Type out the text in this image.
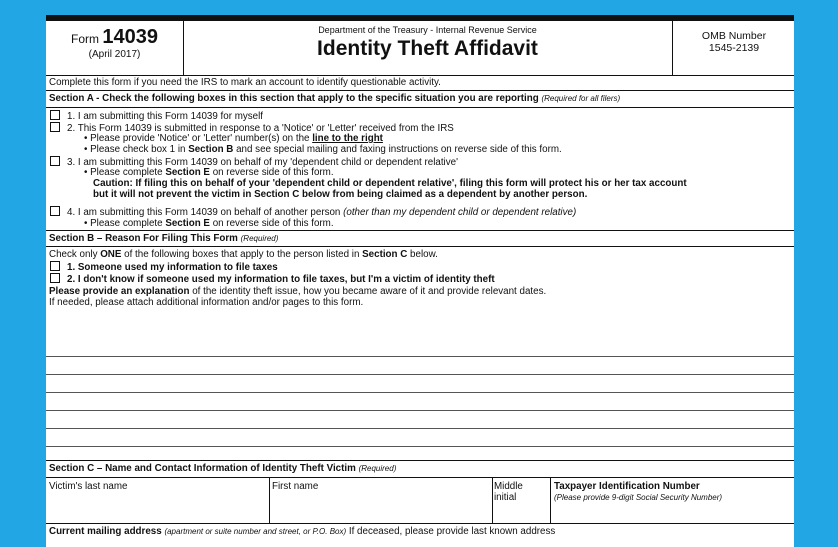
Form 14039
(April 2017)
Department of the Treasury - Internal Revenue Service
Identity Theft Affidavit
OMB Number
1545-2139
Complete this form if you need the IRS to mark an account to identify questionable activity.
Section A - Check the following boxes in this section that apply to the specific situation you are reporting (Required for all filers)
1. I am submitting this Form 14039 for myself
2. This Form 14039 is submitted in response to a 'Notice' or 'Letter' received from the IRS
• Please provide 'Notice' or 'Letter' number(s) on the line to the right
• Please check box 1 in Section B and see special mailing and faxing instructions on reverse side of this form.
3. I am submitting this Form 14039 on behalf of my 'dependent child or dependent relative'
• Please complete Section E on reverse side of this form.
Caution: If filing this on behalf of your 'dependent child or dependent relative', filing this form will protect his or her tax account
but it will not prevent the victim in Section C below from being claimed as a dependent by another person.
4. I am submitting this Form 14039 on behalf of another person (other than my dependent child or dependent relative)
• Please complete Section E on reverse side of this form.
Section B – Reason For Filing This Form (Required)
Check only ONE of the following boxes that apply to the person listed in Section C below.
1. Someone used my information to file taxes
2. I don't know if someone used my information to file taxes, but I'm a victim of identity theft
Please provide an explanation of the identity theft issue, how you became aware of it and provide relevant dates.
If needed, please attach additional information and/or pages to this form.
Section C – Name and Contact Information of Identity Theft Victim (Required)
Victim's last name	First name	Middle
initial
Taxpayer Identification Number
(Please provide 9-digit Social Security Number)
Current mailing address (apartment or suite number and street, or P.O. Box) If deceased, please provide last known address
